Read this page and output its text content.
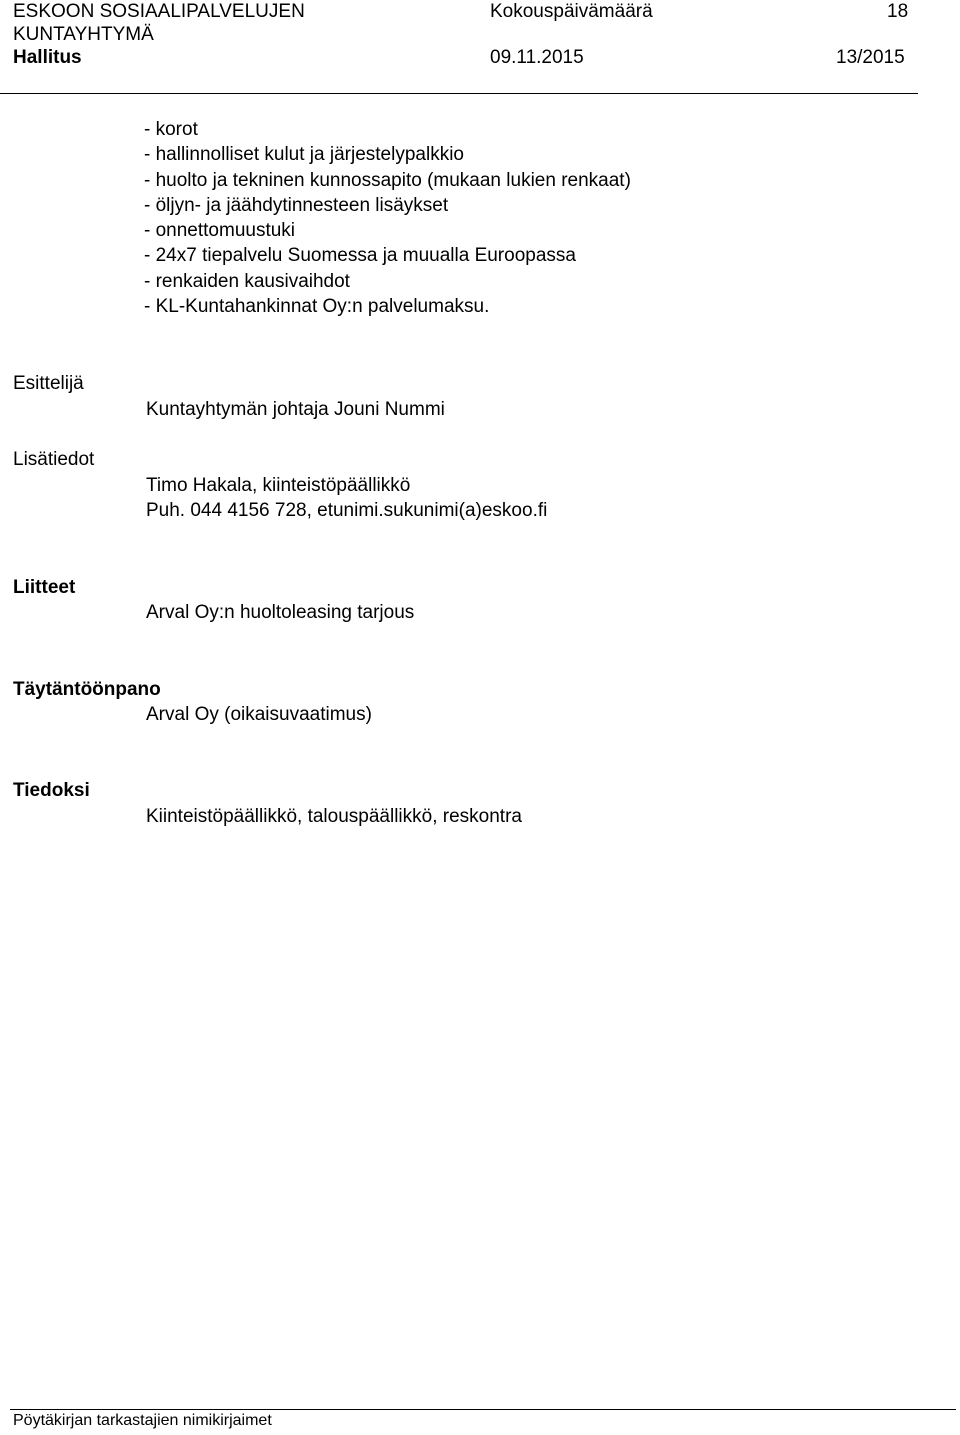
ESKOON SOSIAALIPALVELUJEN
KUNTAYHTYMÄ
Hallitus
Kokouspäivämäärä
09.11.2015
18
13/2015
- korot
- hallinnolliset kulut ja järjestelypalkkio
- huolto ja tekninen kunnossapito (mukaan lukien renkaat)
- öljyn- ja jäähdytinnesteen lisäykset
- onnettomuustuki
- 24x7 tiepalvelu Suomessa ja muualla Euroopassa
- renkaiden kausivaihdot
- KL-Kuntahankinnat Oy:n palvelumaksu.
Esittelijä
Kuntayhtymän johtaja Jouni Nummi
Lisätiedot
Timo Hakala, kiinteistöpäällikkö
Puh. 044 4156 728, etunimi.sukunimi(a)eskoo.fi
Liitteet
Arval Oy:n huoltoleasing tarjous
Täytäntöönpano
Arval Oy (oikaisuvaatimus)
Tiedoksi
Kiinteistöpäällikkö, talouspäällikkö, reskontra
Pöytäkirjan tarkastajien nimikirjaimet
